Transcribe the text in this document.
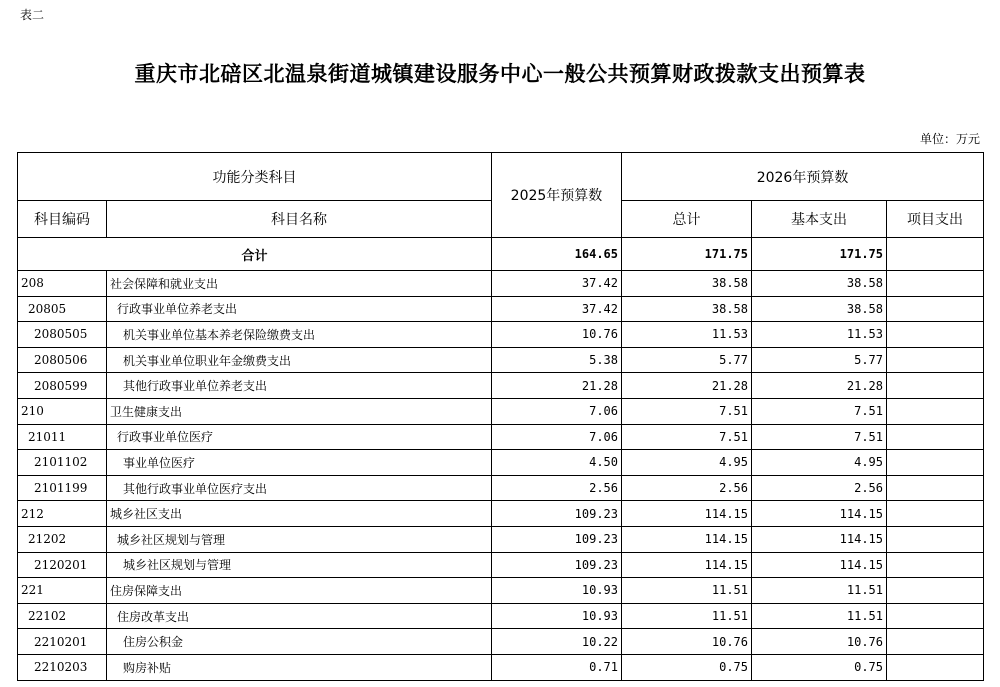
表二
重庆市北碚区北温泉街道城镇建设服务中心一般公共预算财政拨款支出预算表
单位：万元
功能分类科目		2025年预算数	2026年预算数		
科目编码	科目名称		总计	基本支出	项目支出
合计		164.65	171.75	171.75	
208	社会保障和就业支出	37.42	38.58	38.58	
20805	行政事业单位养老支出	37.42	38.58	38.58	
2080505	机关事业单位基本养老保险缴费支出	10.76	11.53	11.53	
2080506	机关事业单位职业年金缴费支出	5.38	5.77	5.77	
2080599	其他行政事业单位养老支出	21.28	21.28	21.28	
210	卫生健康支出	7.06	7.51	7.51	
21011	行政事业单位医疗	7.06	7.51	7.51	
2101102	事业单位医疗	4.50	4.95	4.95	
2101199	其他行政事业单位医疗支出	2.56	2.56	2.56	
212	城乡社区支出	109.23	114.15	114.15	
21202	城乡社区规划与管理	109.23	114.15	114.15	
2120201	城乡社区规划与管理	109.23	114.15	114.15	
221	住房保障支出	10.93	11.51	11.51	
22102	住房改革支出	10.93	11.51	11.51	
2210201	住房公积金	10.22	10.76	10.76	
2210203	购房补贴	0.71	0.75	0.75	
